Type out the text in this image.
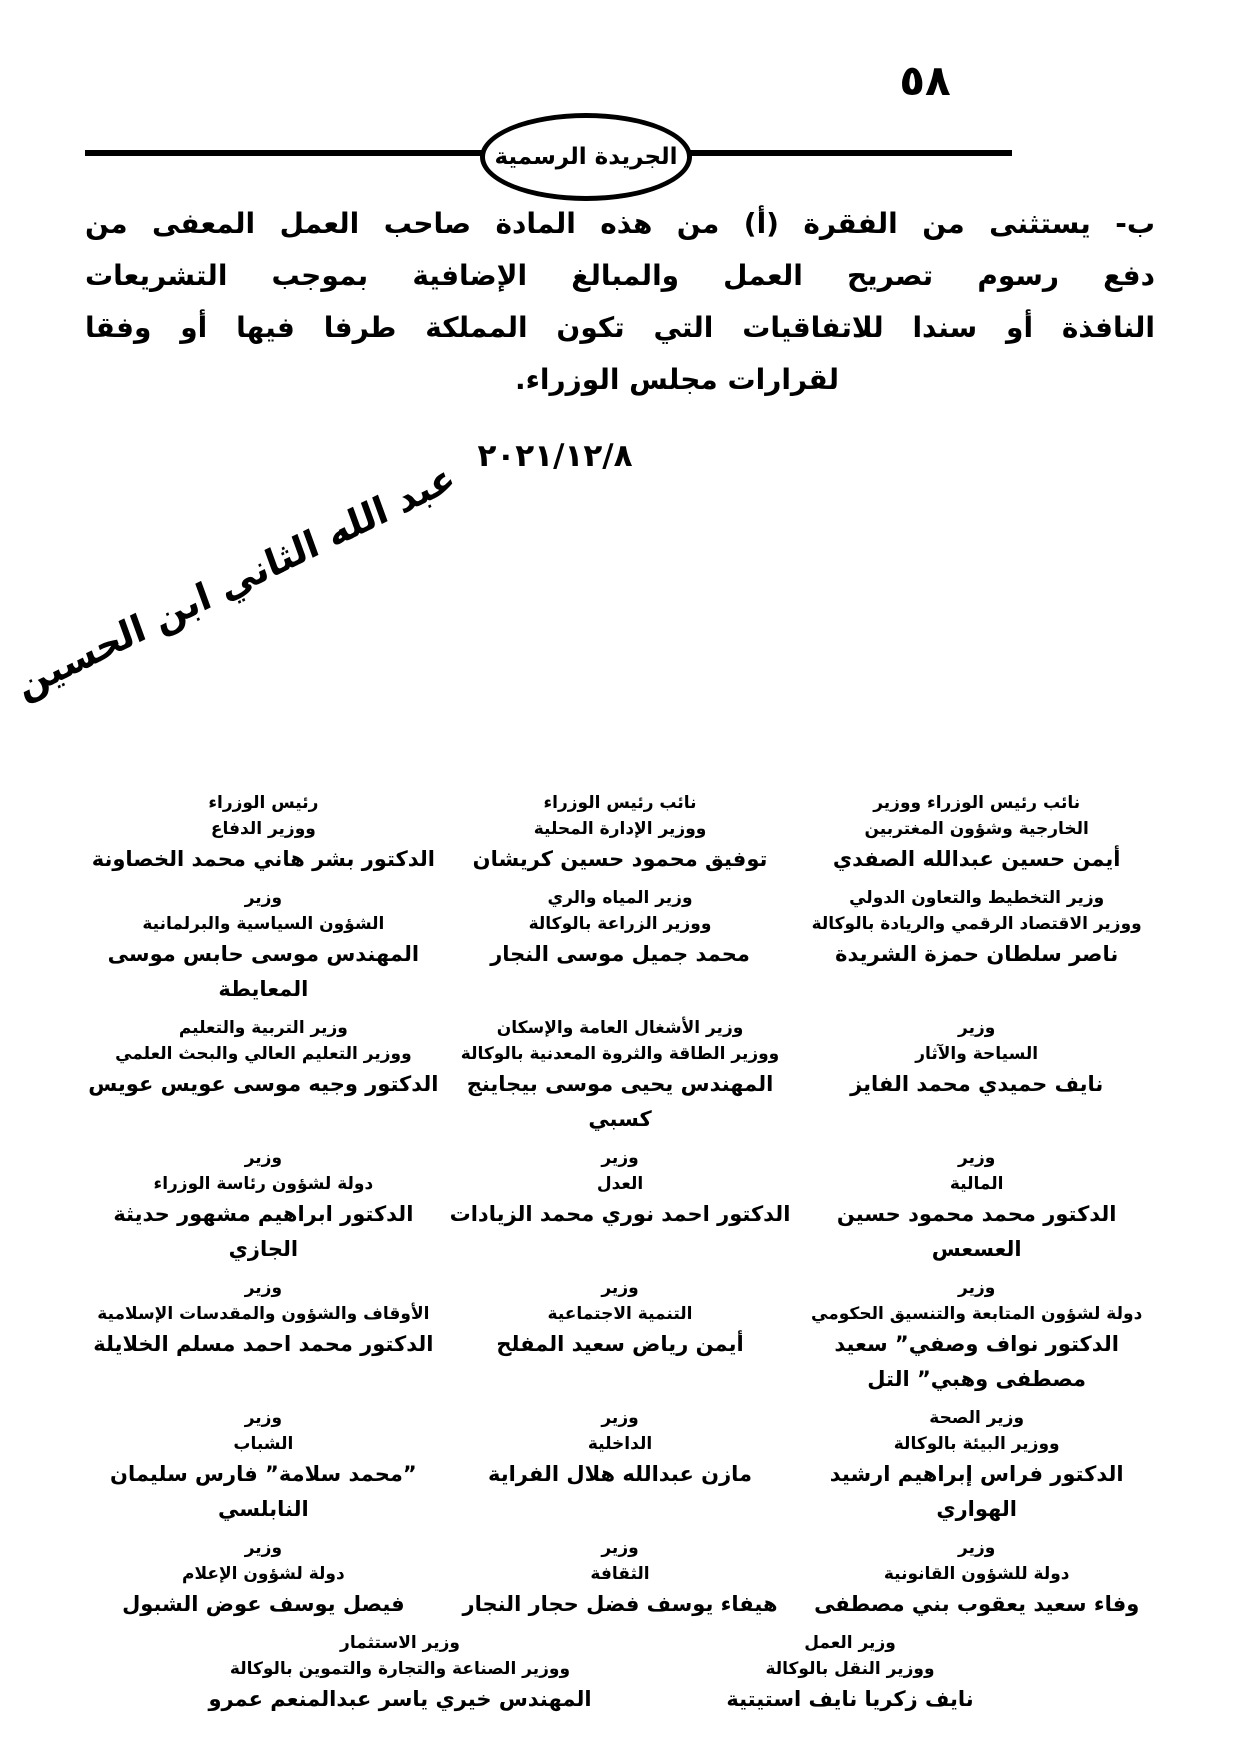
٥٨
الجريدة الرسمية
ب- يستثنى من الفقرة (أ) من هذه المادة صاحب العمل المعفى من
دفع رسوم تصريح العمل والمبالغ الإضافية بموجب التشريعات
النافذة أو سندا للاتفاقيات التي تكون المملكة طرفا فيها أو وفقا
لقرارات مجلس الوزراء.
٢٠٢١/١٢/٨
عبد الله الثاني ابن الحسين
نائب رئيس الوزراء ووزير
الخارجية وشؤون المغتربين
أيمن حسين عبدالله الصفدي
نائب رئيس الوزراء
ووزير الإدارة المحلية
توفيق محمود حسين كريشان
رئيس الوزراء
ووزير الدفاع
الدكتور بشر هاني محمد الخصاونة
وزير التخطيط والتعاون الدولي
ووزير الاقتصاد الرقمي والريادة بالوكالة
ناصر سلطان حمزة الشريدة
وزير المياه والري
ووزير الزراعة بالوكالة
محمد جميل موسى النجار
وزير
الشؤون السياسية والبرلمانية
المهندس موسى حابس موسى المعايطة
وزير
السياحة والآثار
نايف حميدي محمد الفايز
وزير الأشغال العامة والإسكان
ووزير الطاقة والثروة المعدنية بالوكالة
المهندس يحيى موسى بيجاينج كسبي
وزير التربية والتعليم
ووزير التعليم العالي والبحث العلمي
الدكتور وجيه موسى عويس عويس
وزير
المالية
الدكتور محمد محمود حسين العسعس
وزير
العدل
الدكتور احمد نوري محمد الزيادات
وزير
دولة لشؤون رئاسة الوزراء
الدكتور ابراهيم مشهور حديثة الجازي
وزير
دولة لشؤون المتابعة والتنسيق الحكومي
الدكتور نواف وصفي” سعيد مصطفى وهبي” التل
وزير
التنمية الاجتماعية
أيمن رياض سعيد المفلح
وزير
الأوقاف والشؤون والمقدسات الإسلامية
الدكتور محمد احمد مسلم الخلايلة
وزير الصحة
ووزير البيئة بالوكالة
الدكتور فراس إبراهيم ارشيد الهواري
وزير
الداخلية
مازن عبدالله هلال الفراية
وزير
الشباب
”محمد سلامة” فارس سليمان النابلسي
وزير
دولة للشؤون القانونية
وفاء سعيد يعقوب بني مصطفى
وزير
الثقافة
هيفاء يوسف فضل حجار النجار
وزير
دولة لشؤون الإعلام
فيصل يوسف عوض الشبول
وزير العمل
ووزير النقل بالوكالة
نايف زكريا نايف استيتية
وزير الاستثمار
ووزير الصناعة والتجارة والتموين بالوكالة
المهندس خيري ياسر عبدالمنعم عمرو
